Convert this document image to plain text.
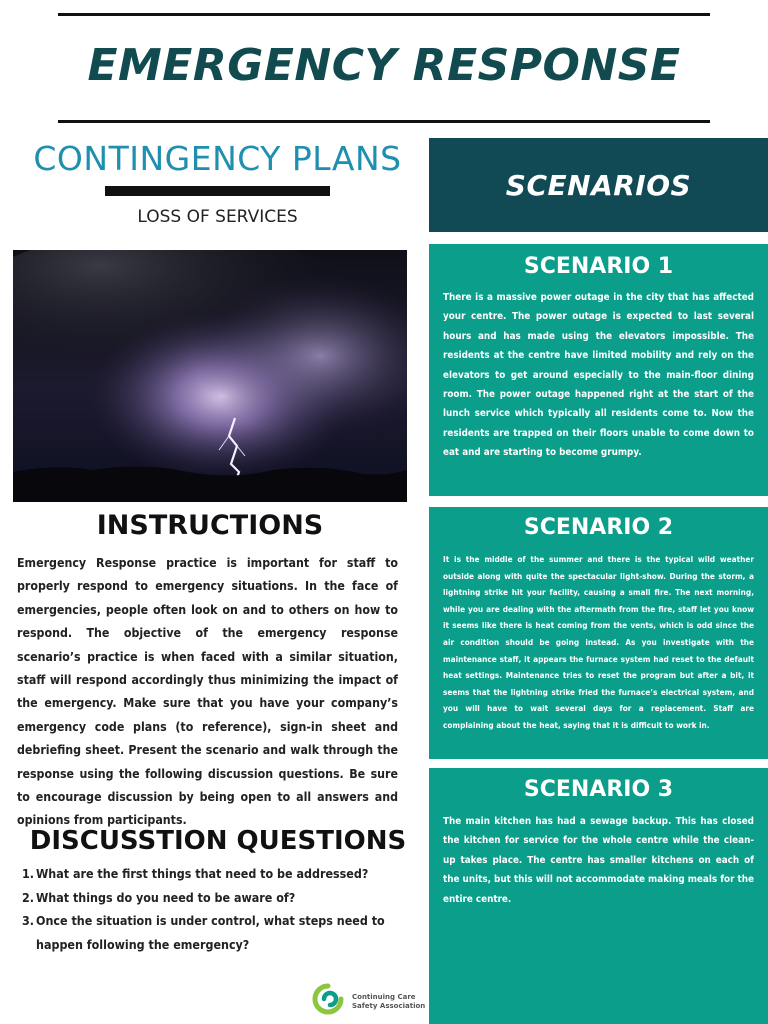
EMERGENCY RESPONSE
CONTINGENCY PLANS
LOSS OF SERVICES
INSTRUCTIONS

Emergency Response practice is important for staff to properly respond to emergency situations. In the face of emergencies, people often look on and to others on how to respond. The objective of the emergency response scenario’s practice is when faced with a similar situation, staff will respond accordingly thus minimizing the impact of the emergency. Make sure that you have your company’s emergency code plans (to reference), sign-in sheet and debriefing sheet. Present the scenario and walk through the response using the following discussion questions. Be sure to encourage discussion by being open to all answers and opinions from participants.

DISCUSSTION QUESTIONS
1. What are the first things that need to be addressed?
2. What things do you need to be aware of?
3. Once the situation is under control, what steps need to happen following the emergency?
Continuing Care
Safety Association
SCENARIOS
SCENARIO 1

There is a massive power outage in the city that has affected your centre. The power outage is expected to last several hours and has made using the elevators impossible. The residents at the centre have limited mobility and rely on the elevators to get around especially to the main-floor dining room. The power outage happened right at the start of the lunch service which typically all residents come to. Now the residents are trapped on their floors unable to come down to eat and are starting to become grumpy.

SCENARIO 2

It is the middle of the summer and there is the typical wild weather outside along with quite the spectacular light-show. During the storm, a lightning strike hit your facility, causing a small fire. The next morning, while you are dealing with the aftermath from the fire, staff let you know it seems like there is heat coming from the vents, which is odd since the air condition should be going instead. As you investigate with the maintenance staff, it appears the furnace system had reset to the default heat settings. Maintenance tries to reset the program but after a bit, it seems that the lightning strike fried the furnace’s electrical system, and you will have to wait several days for a replacement. Staff are complaining about the heat, saying that it is difficult to work in.

SCENARIO 3

The main kitchen has had a sewage backup. This has closed the kitchen for service for the whole centre while the clean-up takes place. The centre has smaller kitchens on each of the units, but this will not accommodate making meals for the entire centre.
